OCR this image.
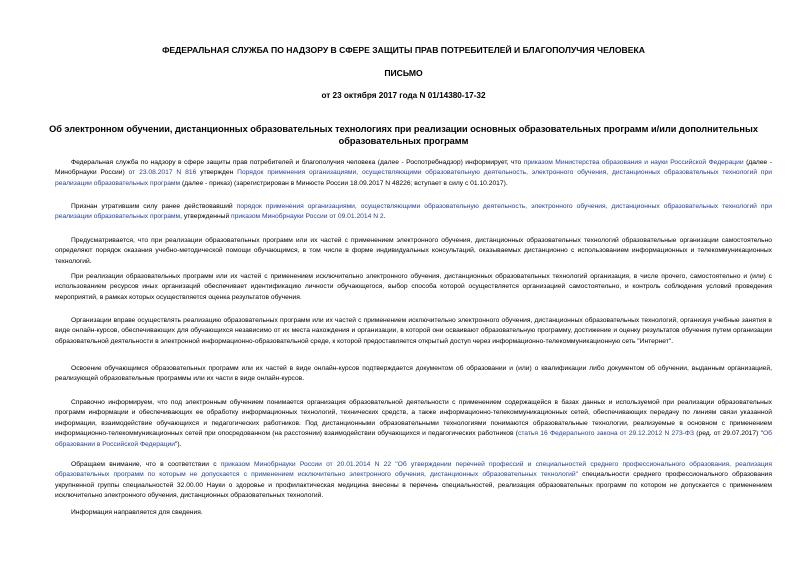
ФЕДЕРАЛЬНАЯ СЛУЖБА ПО НАДЗОРУ В СФЕРЕ ЗАЩИТЫ ПРАВ ПОТРЕБИТЕЛЕЙ И БЛАГОПОЛУЧИЯ ЧЕЛОВЕКА
ПИСЬМО
от 23 октября 2017 года N 01/14380-17-32
Об электронном обучении, дистанционных образовательных технологиях при реализации основных образовательных программ и/или дополнительных образовательных программ
Федеральная служба по надзору в сфере защиты прав потребителей и благополучия человека (далее - Роспотребнадзор) информирует, что приказом Министерства образования и науки Российской Федерации (далее - Минобрнауки России) от 23.08.2017 N 816 утвержден Порядок применения организациями, осуществляющими образовательную деятельность, электронного обучения, дистанционных образовательных технологий при реализации образовательных программ (далее - приказ) (зарегистрирован в Минюсте России 18.09.2017 N 48226; вступает в силу с 01.10.2017).
Признан утратившим силу ранее действовавший порядок применения организациями, осуществляющими образовательную деятельность, электронного обучения, дистанционных образовательных технологий при реализации образовательных программ, утвержденный приказом Минобрнауки России от 09.01.2014 N 2.
Предусматривается, что при реализации образовательных программ или их частей с применением электронного обучения, дистанционных образовательных технологий образовательные организации самостоятельно определяют порядок оказания учебно-методической помощи обучающимся, в том числе в форме индивидуальных консультаций, оказываемых дистанционно с использованием информационных и телекоммуникационных технологий.
При реализации образовательных программ или их частей с применением исключительно электронного обучения, дистанционных образовательных технологий организация, в числе прочего, самостоятельно и (или) с использованием ресурсов иных организаций обеспечивает идентификацию личности обучающегося, выбор способа которой осуществляется организацией самостоятельно, и контроль соблюдения условий проведения мероприятий, в рамках которых осуществляется оценка результатов обучения.
Организации вправе осуществлять реализацию образовательных программ или их частей с применением исключительно электронного обучения, дистанционных образовательных технологий, организуя учебные занятия в виде онлайн-курсов, обеспечивающих для обучающихся независимо от их места нахождения и организации, в которой они осваивают образовательную программу, достижение и оценку результатов обучения путем организации образовательной деятельности в электронной информационно-образовательной среде, к которой предоставляется открытый доступ через информационно-телекоммуникационную сеть "Интернет".
Освоение обучающимся образовательных программ или их частей в виде онлайн-курсов подтверждается документом об образовании и (или) о квалификации либо документом об обучении, выданным организацией, реализующей образовательные программы или их части в виде онлайн-курсов.
Справочно информируем, что под электронным обучением понимается организация образовательной деятельности с применением содержащейся в базах данных и используемой при реализации образовательных программ информации и обеспечивающих ее обработку информационных технологий, технических средств, а также информационно-телекоммуникационных сетей, обеспечивающих передачу по линиям связи указанной информации, взаимодействие обучающихся и педагогических работников. Под дистанционными образовательными технологиями понимаются образовательные технологии, реализуемые в основном с применением информационно-телекоммуникационных сетей при опосредованном (на расстоянии) взаимодействии обучающихся и педагогических работников (статья 16 Федерального закона от 29.12.2012 N 273-ФЗ (ред. от 29.07.2017) "Об образовании в Российской Федерации").
Обращаем внимание, что в соответствии с приказом Минобрнауки России от 20.01.2014 N 22 "Об утверждении перечней профессий и специальностей среднего профессионального образования, реализация образовательных программ по которым не допускается с применением исключительно электронного обучения, дистанционных образовательных технологий" специальности среднего профессионального образования укрупненной группы специальностей 32.00.00 Науки о здоровье и профилактическая медицина внесены в перечень специальностей, реализация образовательных программ по котором не допускается с применением исключительно электронного обучения, дистанционных образовательных технологий.
Информация направляется для сведения.
